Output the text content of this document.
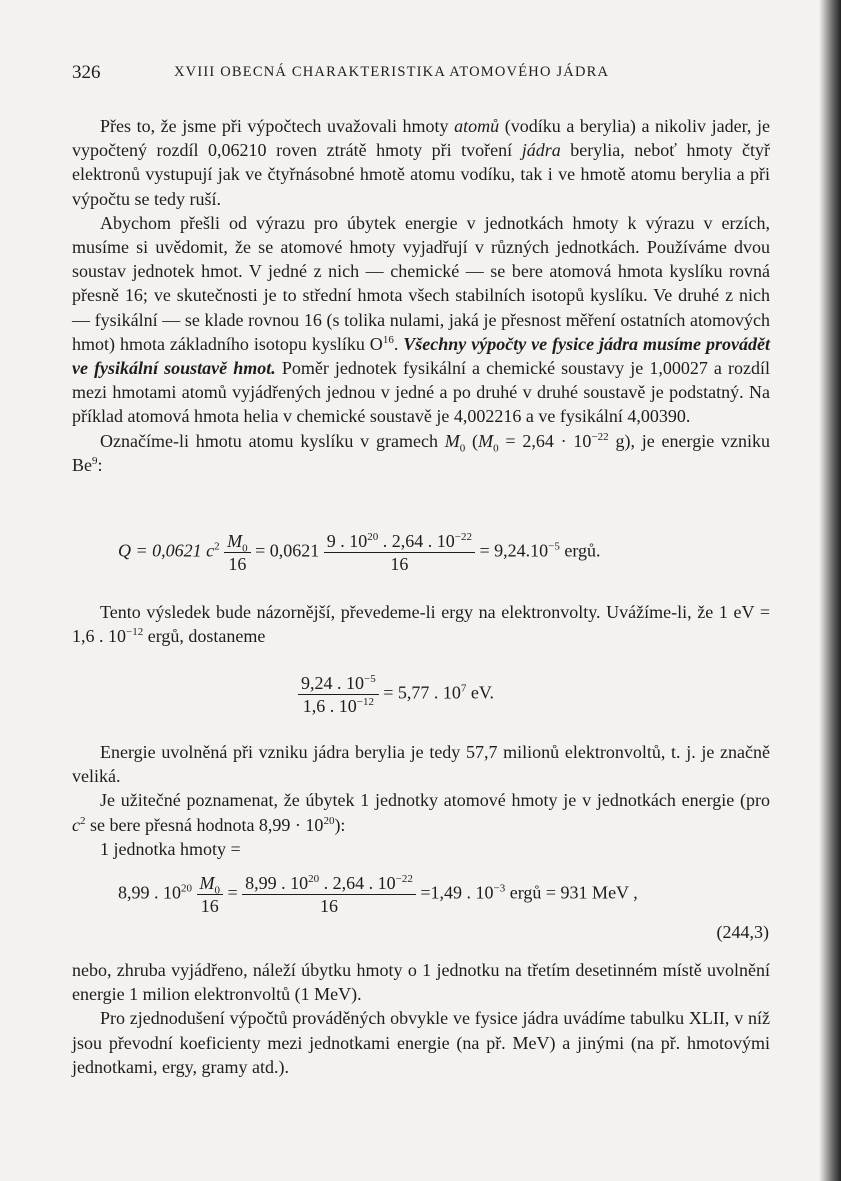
326	XVIII OBECNÁ CHARAKTERISTIKA ATOMOVÉHO JÁDRA

Přes to, že jsme při výpočtech uvažovali hmoty atomů (vodíku a berylia) a nikoliv jader, je vypočtený rozdíl 0,06210 roven ztrátě hmoty při tvoření jádra berylia, neboť hmoty čtyř elektronů vystupují jak ve čtyřnásobné hmotě atomu vodíku, tak i ve hmotě atomu berylia a při výpočtu se tedy ruší.

Abychom přešli od výrazu pro úbytek energie v jednotkách hmoty k výrazu v erzích, musíme si uvědomit, že se atomové hmoty vyjadřují v různých jednotkách. Používáme dvou soustav jednotek hmot. V jedné z nich — chemické — se bere atomová hmota kyslíku rovná přesně 16; ve skutečnosti je to střední hmota všech stabilních isotopů kyslíku. Ve druhé z nich — fysikální — se klade rovnou 16 (s tolika nulami, jaká je přesnost měření ostatních atomových hmot) hmota základního isotopu kyslíku $O^{16}$. Všechny výpočty ve fysice jádra musíme provádět ve fysikální soustavě hmot. Poměr jednotek fysikální a chemické soustavy je 1,00027 a rozdíl mezi hmotami atomů vyjádřených jednou v jedné a po druhé v druhé soustavě je podstatný. Na příklad atomová hmota helia v chemické soustavě je 4,002216 a ve fysikální 4,00390.

Označíme-li hmotu atomu kyslíku v gramech $M_0$ ($M_0 = 2,64 \cdot 10^{-22}$ g), je energie vzniku Be$^9$:

Q = 0,0621 $c^2 \frac{M_0}{16} = 0,0621 \frac{9 . 10^{20} . 2,64 . 10^{-22}}{16} = 9,24.10^{-5}$ ergů.

Tento výsledek bude názornější, převedeme-li ergy na elektronvolty. Uvážíme-li, že 1 eV = 1,6 . $10^{-12}$ ergů, dostaneme

$\frac{9,24 . 10^{-5}}{1,6 . 10^{-12}} = 5,77$ . $10^7$ eV.

Energie uvolněná při vzniku jádra berylia je tedy 57,7 milionů elektronvoltů, t. j. je značně veliká.

Je užitečné poznamenat, že úbytek 1 jednotky atomové hmoty je v jednotkách energie (pro $c^2$ se bere přesná hodnota $8,99 \cdot 10^{20}$):

1 jednotka hmoty =

8,99 . $10^{20} \frac{M_0}{16} = \frac{8,99 . 10^{20} . 2,64 . 10^{-22}}{16} =1,49$ . $10^{-3}$ ergů = 931 MeV ,
(244,3)

nebo, zhruba vyjádřeno, náleží úbytku hmoty o 1 jednotku na třetím desetinném místě uvolnění energie 1 milion elektronvoltů (1 MeV).

Pro zjednodušení výpočtů prováděných obvykle ve fysice jádra uvádíme tabulku XLII, v níž jsou převodní koeficienty mezi jednotkami energie (na př. MeV) a jinými (na př. hmotovými jednotkami, ergy, gramy atd.).
